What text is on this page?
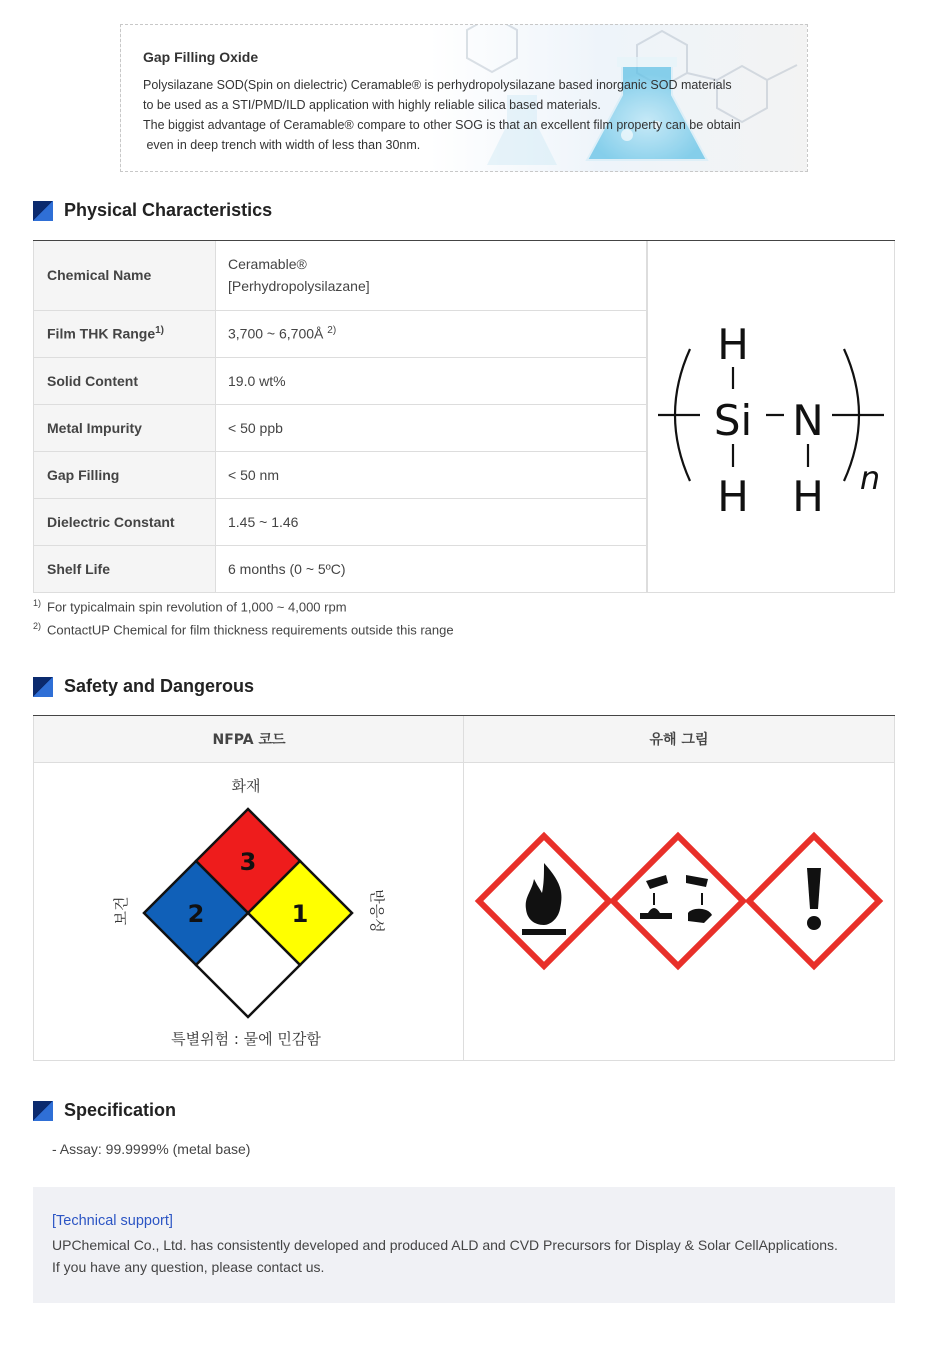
Gap Filling Oxide
Polysilazane SOD(Spin on dielectric) Ceramable® is perhydropolysilazane based inorganic SOD materials
to be used as a STI/PMD/ILD application with highly reliable silica based materials.
The biggist advantage of Ceramable® compare to other SOG is that an excellent film property can be obtain
even in deep trench with width of less than 30nm.
Physical Characteristics
Chemical Name	Ceramable®
[Perhydropolysilazane]

Film THK Range$^{1)}$	3,700 ~ 6,700Å $^{2)}$
Solid Content	19.0 wt%
Metal Impurity	< 50 ppb
Gap Filling	< 50 nm
Dielectric Constant	1.45 ~ 1.46
Shelf Life	6 months (0 ~ 5ºC)
H
Si N
H H n
$^{1)}$ For typicalmain spin revolution of 1,000 ~ 4,000 rpm
$^{2)}$ ContactUP Chemical for film thickness requirements outside this range
Safety and Dangerous
NFPA 코드	유해 그림
화재
특별위험 : 물에 민감함
보건	반응성
3
2	1
Specification
- Assay: 99.9999% (metal base)
[Technical support]
UPChemical Co., Ltd. has consistently developed and produced ALD and CVD Precursors for Display & Solar CellApplications.
If you have any question, please contact us.
